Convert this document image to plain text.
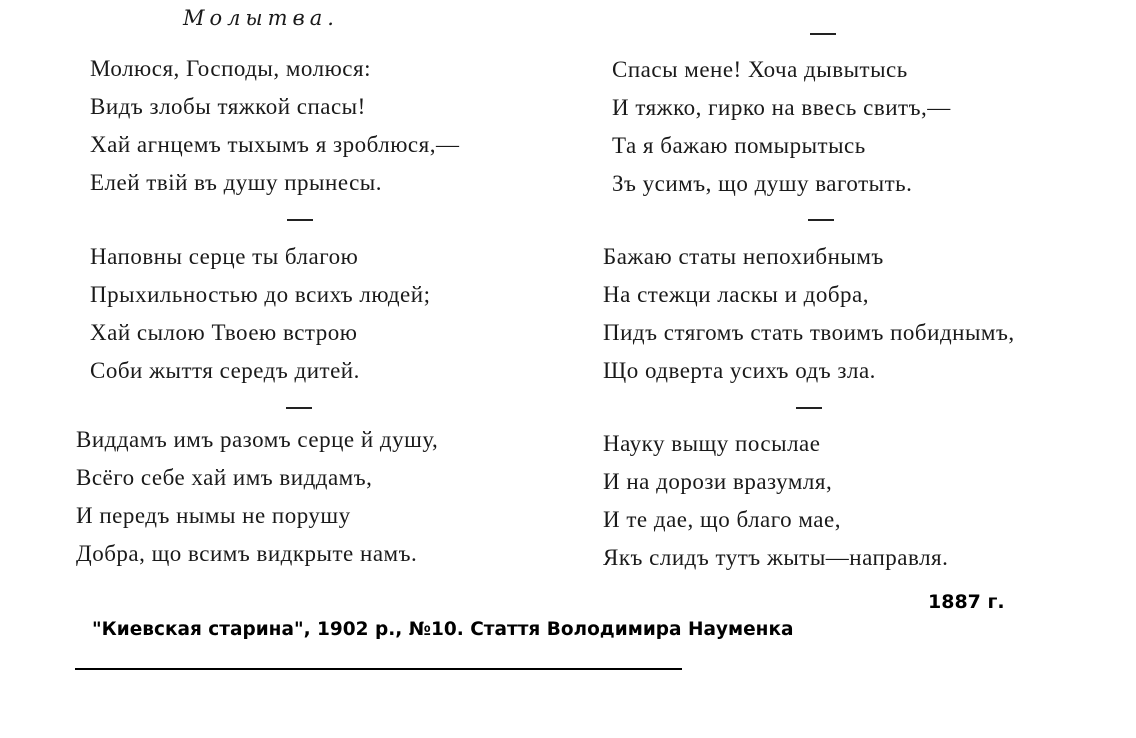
Молытва.
Молюся, Господы, молюся:
Видъ злобы тяжкой спасы!
Хай агнцемъ тыхымъ я зроблюся,—
Елей твій въ душу прынесы.
Наповны серце ты благою
Прыхильностью до всихъ людей;
Хай сылою Твоею встрою
Соби жыття середъ дитей.
Виддамъ имъ разомъ серце й душу,
Всёго себе хай имъ виддамъ,
И передъ нымы не порушу
Добра, що всимъ видкрыте намъ.
Спасы мене! Хоча дывытысь
И тяжко, гирко на ввесь свитъ,—
Та я бажаю помырытысь
Зъ усимъ, що душу ваготыть.
Бажаю статы непохибнымъ
На стежци ласкы и добра,
Пидъ стягомъ стать твоимъ побиднымъ,
Що одверта усихъ одъ зла.
Науку выщу посылае
И на дорози вразумля,
И те дае, що благо мае,
Якъ слидъ тутъ жыты—направля.
1887 г.
"Киевская старина", 1902 р., №10. Стаття Володимира Науменка
